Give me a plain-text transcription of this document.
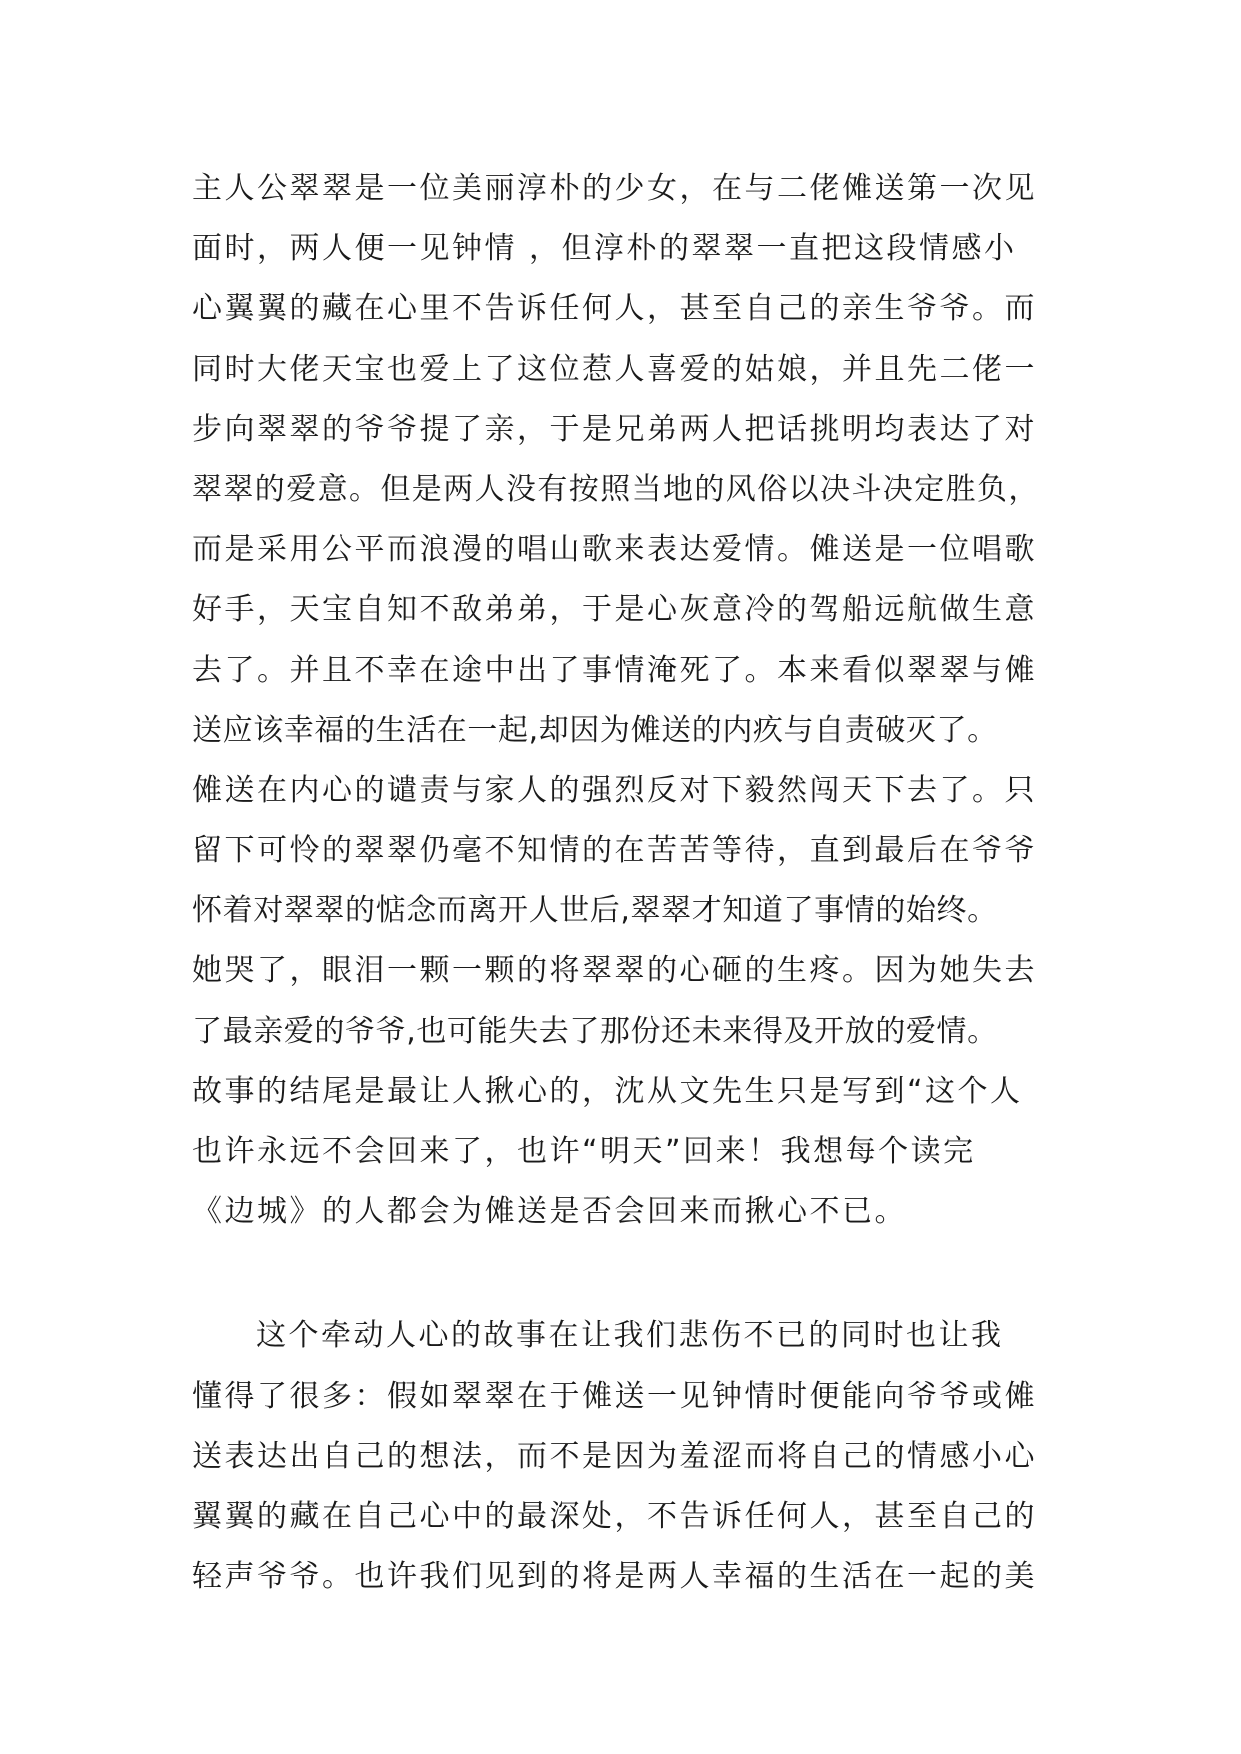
主人公翠翠是一位美丽淳朴的少女，在与二佬傩送第一次见
面时，两人便一见钟情 ，但淳朴的翠翠一直把这段情感小
心翼翼的藏在心里不告诉任何人，甚至自己的亲生爷爷。而
同时大佬天宝也爱上了这位惹人喜爱的姑娘，并且先二佬一
步向翠翠的爷爷提了亲，于是兄弟两人把话挑明均表达了对
翠翠的爱意。但是两人没有按照当地的风俗以决斗决定胜负，
而是采用公平而浪漫的唱山歌来表达爱情。傩送是一位唱歌
好手，天宝自知不敌弟弟，于是心灰意冷的驾船远航做生意
去了。并且不幸在途中出了事情淹死了。本来看似翠翠与傩
送应该幸福的生活在一起,却因为傩送的内疚与自责破灭了。
傩送在内心的谴责与家人的强烈反对下毅然闯天下去了。只
留下可怜的翠翠仍毫不知情的在苦苦等待，直到最后在爷爷
怀着对翠翠的惦念而离开人世后,翠翠才知道了事情的始终。
她哭了，眼泪一颗一颗的将翠翠的心砸的生疼。因为她失去
了最亲爱的爷爷,也可能失去了那份还未来得及开放的爱情。
故事的结尾是最让人揪心的，沈从文先生只是写到“这个人
也许永远不会回来了，也许“明天”回来！我想每个读完
《边城》的人都会为傩送是否会回来而揪心不已。
这个牵动人心的故事在让我们悲伤不已的同时也让我
懂得了很多：假如翠翠在于傩送一见钟情时便能向爷爷或傩
送表达出自己的想法，而不是因为羞涩而将自己的情感小心
翼翼的藏在自己心中的最深处，不告诉任何人，甚至自己的
轻声爷爷。也许我们见到的将是两人幸福的生活在一起的美
